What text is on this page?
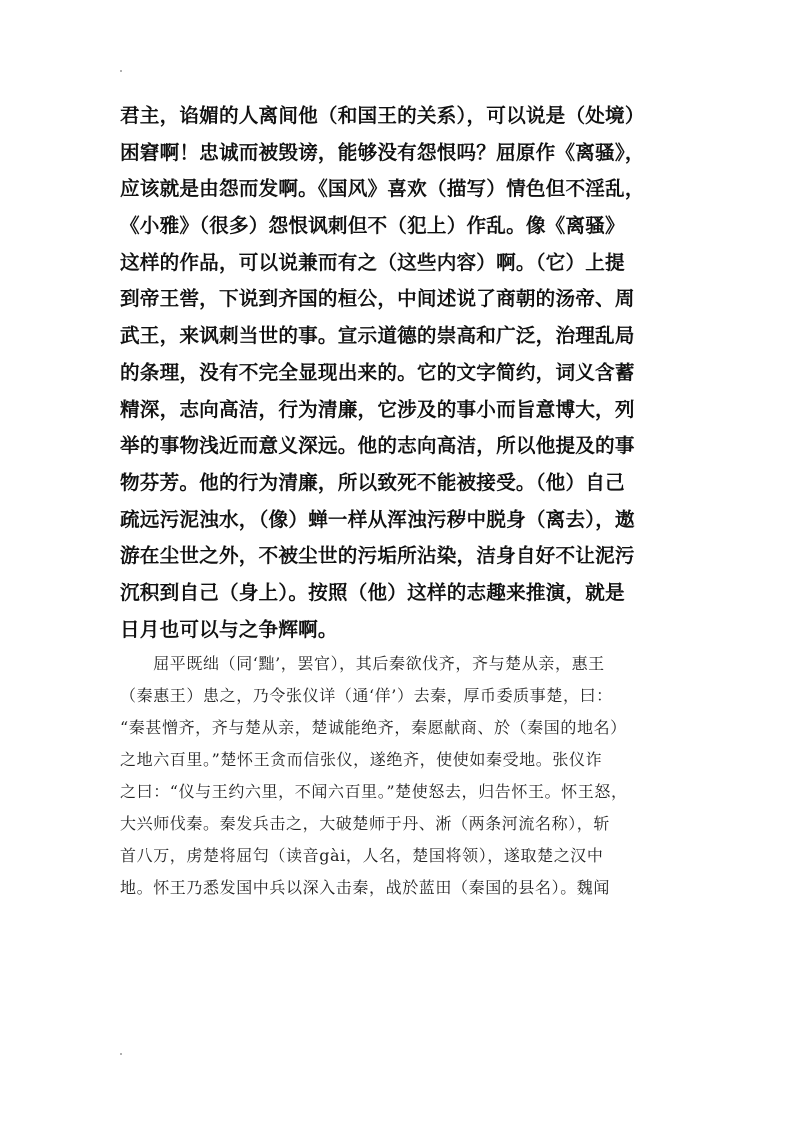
君主，谄媚的人离间他（和国王的关系），可以说是（处境）
困窘啊！忠诚而被毁谤，能够没有怨恨吗？屈原作《离骚》，
应该就是由怨而发啊。《国风》喜欢（描写）情色但不淫乱，
《小雅》（很多）怨恨讽刺但不（犯上）作乱。像《离骚》
这样的作品，可以说兼而有之（这些内容）啊。（它）上提
到帝王喾，下说到齐国的桓公，中间述说了商朝的汤帝、周
武王，来讽刺当世的事。宣示道德的崇高和广泛，治理乱局
的条理，没有不完全显现出来的。它的文字简约，词义含蓄
精深，志向高洁，行为清廉，它涉及的事小而旨意博大，列
举的事物浅近而意义深远。他的志向高洁，所以他提及的事
物芬芳。他的行为清廉，所以致死不能被接受。（他）自己
疏远污泥浊水，（像）蝉一样从浑浊污秽中脱身（离去），遨
游在尘世之外，不被尘世的污垢所沾染，洁身自好不让泥污
沉积到自己（身上）。按照（他）这样的志趣来推演，就是
日月也可以与之争辉啊。
　　屈平既绌（同‘黜’，罢官），其后秦欲伐齐，齐与楚从亲，惠王
（秦惠王）患之，乃令张仪详（通‘佯’）去秦，厚币委质事楚，曰：
“秦甚憎齐，齐与楚从亲，楚诚能绝齐，秦愿献商、於（秦国的地名）
之地六百里。”楚怀王贪而信张仪，遂绝齐，使使如秦受地。张仪诈
之曰：“仪与王约六里，不闻六百里。”楚使怒去，归告怀王。怀王怒，
大兴师伐秦。秦发兵击之，大破楚师于丹、淅（两条河流名称），斩
首八万，虏楚将屈匄（读音gài，人名，楚国将领），遂取楚之汉中
地。怀王乃悉发国中兵以深入击秦，战於蓝田（秦国的县名）。魏闻
